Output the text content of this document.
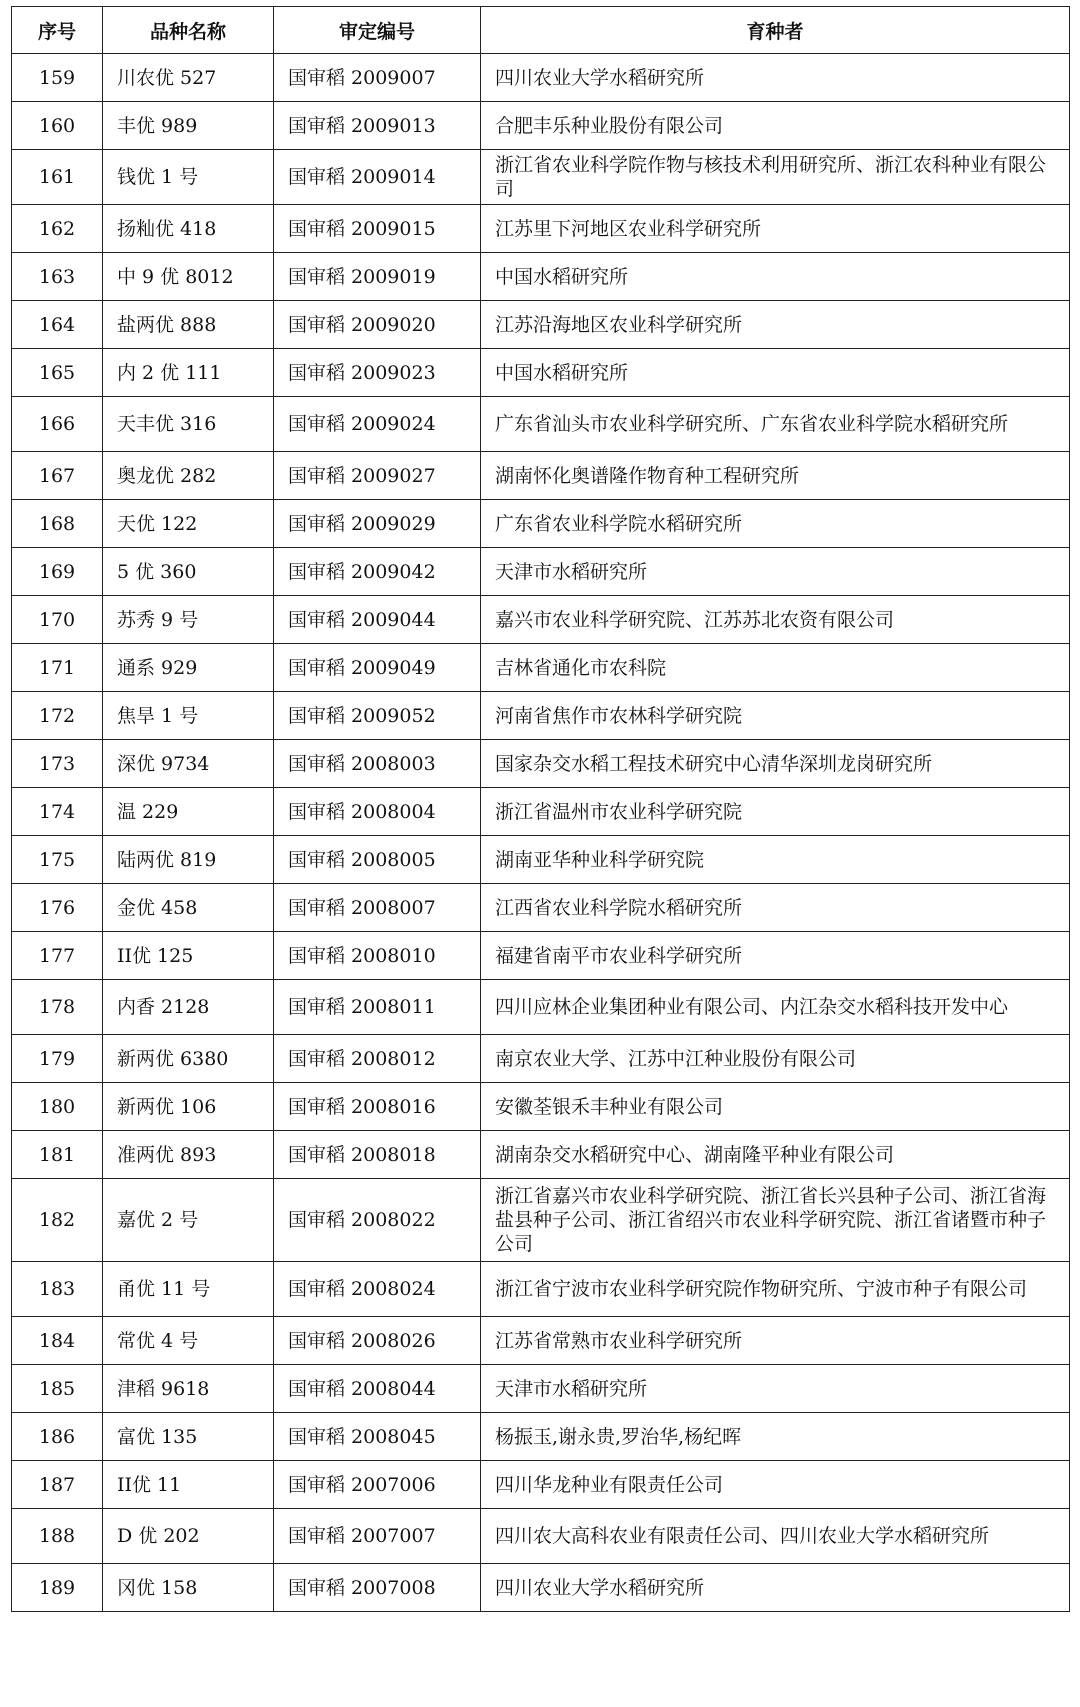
序号	品种名称	审定编号	育种者
159	川农优 527	国审稻 2009007	四川农业大学水稻研究所
160	丰优 989	国审稻 2009013	合肥丰乐种业股份有限公司
161	钱优 1 号	国审稻 2009014	浙江省农业科学院作物与核技术利用研究所、浙江农科种业有限公司
162	扬籼优 418	国审稻 2009015	江苏里下河地区农业科学研究所
163	中 9 优 8012	国审稻 2009019	中国水稻研究所
164	盐两优 888	国审稻 2009020	江苏沿海地区农业科学研究所
165	内 2 优 111	国审稻 2009023	中国水稻研究所
166	天丰优 316	国审稻 2009024	广东省汕头市农业科学研究所、广东省农业科学院水稻研究所
167	奥龙优 282	国审稻 2009027	湖南怀化奥谱隆作物育种工程研究所
168	天优 122	国审稻 2009029	广东省农业科学院水稻研究所
169	5 优 360	国审稻 2009042	天津市水稻研究所
170	苏秀 9 号	国审稻 2009044	嘉兴市农业科学研究院、江苏苏北农资有限公司
171	通系 929	国审稻 2009049	吉林省通化市农科院
172	焦旱 1 号	国审稻 2009052	河南省焦作市农林科学研究院
173	深优 9734	国审稻 2008003	国家杂交水稻工程技术研究中心清华深圳龙岗研究所
174	温 229	国审稻 2008004	浙江省温州市农业科学研究院
175	陆两优 819	国审稻 2008005	湖南亚华种业科学研究院
176	金优 458	国审稻 2008007	江西省农业科学院水稻研究所
177	II优 125	国审稻 2008010	福建省南平市农业科学研究所
178	内香 2128	国审稻 2008011	四川应林企业集团种业有限公司、内江杂交水稻科技开发中心
179	新两优 6380	国审稻 2008012	南京农业大学、江苏中江种业股份有限公司
180	新两优 106	国审稻 2008016	安徽荃银禾丰种业有限公司
181	准两优 893	国审稻 2008018	湖南杂交水稻研究中心、湖南隆平种业有限公司
182	嘉优 2 号	国审稻 2008022	浙江省嘉兴市农业科学研究院、浙江省长兴县种子公司、浙江省海盐县种子公司、浙江省绍兴市农业科学研究院、浙江省诸暨市种子公司
183	甬优 11 号	国审稻 2008024	浙江省宁波市农业科学研究院作物研究所、宁波市种子有限公司
184	常优 4 号	国审稻 2008026	江苏省常熟市农业科学研究所
185	津稻 9618	国审稻 2008044	天津市水稻研究所
186	富优 135	国审稻 2008045	杨振玉,谢永贵,罗治华,杨纪晖
187	II优 11	国审稻 2007006	四川华龙种业有限责任公司
188	D 优 202	国审稻 2007007	四川农大高科农业有限责任公司、四川农业大学水稻研究所
189	冈优 158	国审稻 2007008	四川农业大学水稻研究所
